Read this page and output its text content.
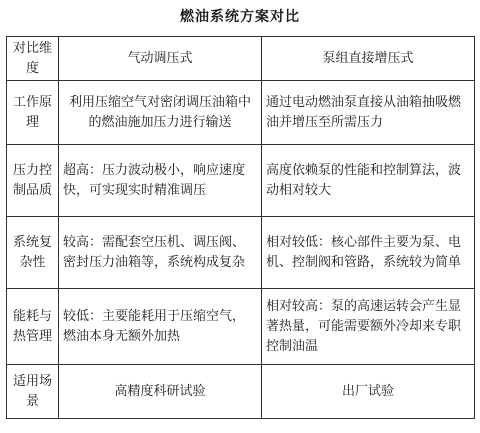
燃油系统方案对比
对比维度	气动调压式	泵组直接增压式
工作原理	利用压缩空气对密闭调压油箱中的燃油施加压力进行输送	通过电动燃油泵直接从油箱抽吸燃油并增压至所需压力
压力控制品质	超高：压力波动极小，响应速度快，可实现实时精准调压	高度依赖泵的性能和控制算法，波动相对较大
系统复杂性	较高：需配套空压机、调压阀、密封压力油箱等，系统构成复杂	相对较低：核心部件主要为泵、电机、控制阀和管路，系统较为简单
能耗与热管理	较低：主要能耗用于压缩空气，燃油本身无额外加热	相对较高：泵的高速运转会产生显著热量，可能需要额外冷却来专职控制油温
适用场景	高精度科研试验	出厂试验
